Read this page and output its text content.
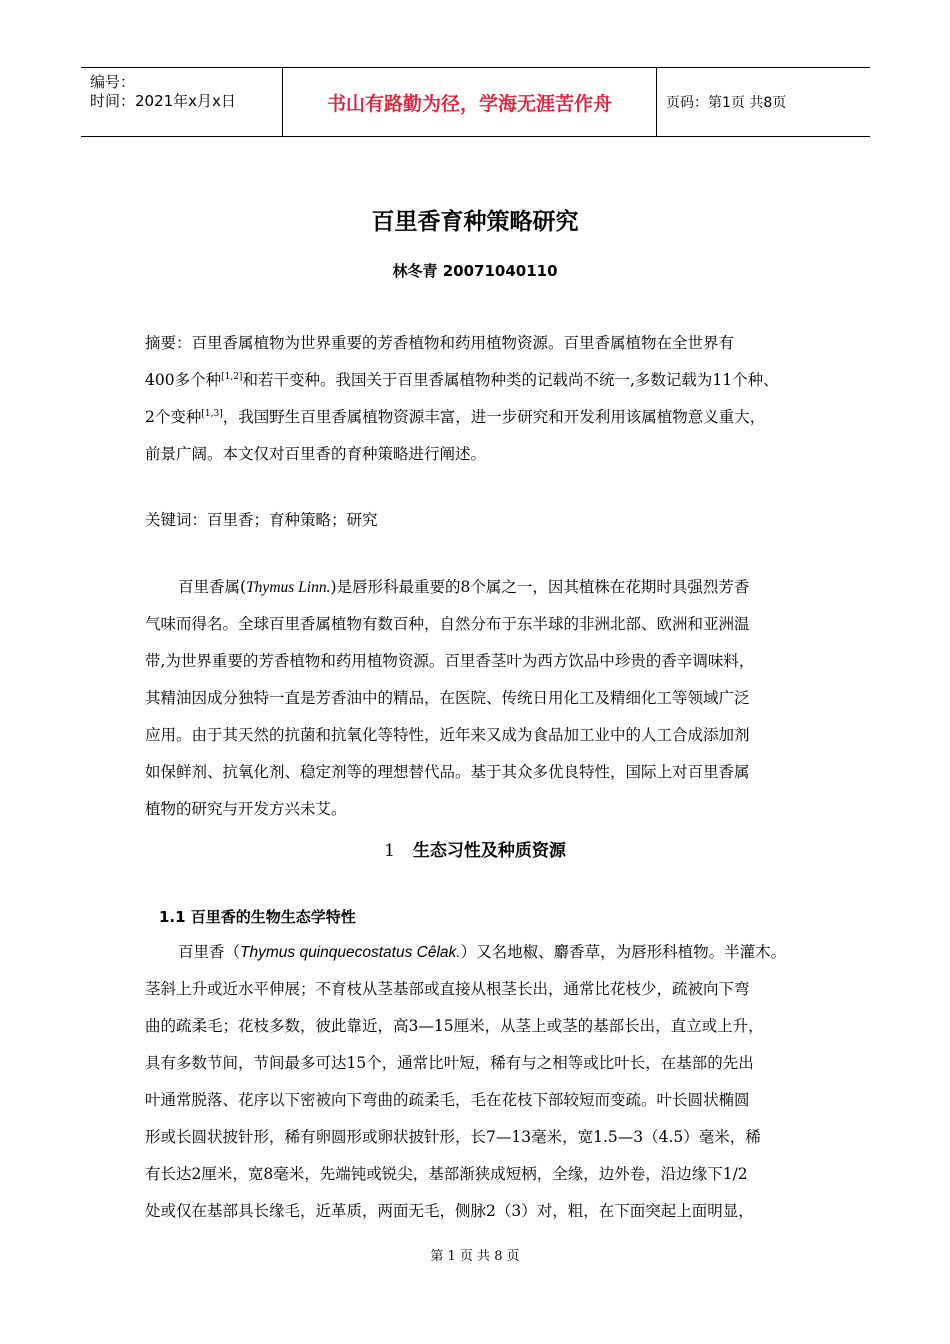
编号：
时间：2021年x月x日	书山有路勤为径，学海无涯苦作舟	页码：第1页 共8页
百里香育种策略研究
林冬青 20071040110
摘要：百里香属植物为世界重要的芳香植物和药用植物资源。百里香属植物在全世界有
400多个种[1,2]和若干变种。我国关于百里香属植物种类的记载尚不统一,多数记载为11个种、
2个变种[1,3]，我国野生百里香属植物资源丰富，进一步研究和开发利用该属植物意义重大，
前景广阔。本文仅对百里香的育种策略进行阐述。
关键词：百里香；育种策略；研究
百里香属(Thymus Linn.)是唇形科最重要的8个属之一，因其植株在花期时具强烈芳香
气味而得名。全球百里香属植物有数百种，自然分布于东半球的非洲北部、欧洲和亚洲温
带,为世界重要的芳香植物和药用植物资源。百里香茎叶为西方饮品中珍贵的香辛调味料，
其精油因成分独特一直是芳香油中的精品，在医院、传统日用化工及精细化工等领域广泛
应用。由于其天然的抗菌和抗氧化等特性，近年来又成为食品加工业中的人工合成添加剂
如保鲜剂、抗氧化剂、稳定剂等的理想替代品。基于其众多优良特性，国际上对百里香属
植物的研究与开发方兴未艾。
1 生态习性及种质资源
1.1 百里香的生物生态学特性
百里香（Thymus quinquecostatus Cêlak.）又名地椒、麝香草，为唇形科植物。半灌木。
茎斜上升或近水平伸展；不育枝从茎基部或直接从根茎长出，通常比花枝少，疏被向下弯
曲的疏柔毛；花枝多数，彼此靠近，高3—15厘米，从茎上或茎的基部长出，直立或上升，
具有多数节间，节间最多可达15个，通常比叶短，稀有与之相等或比叶长，在基部的先出
叶通常脱落、花序以下密被向下弯曲的疏柔毛，毛在花枝下部较短而变疏。叶长圆状椭圆
形或长圆状披针形，稀有卵圆形或卵状披针形，长7—13毫米，宽1.5—3（4.5）毫米，稀
有长达2厘米，宽8毫米，先端钝或锐尖，基部渐狭成短柄，全缘，边外卷，沿边缘下1/2
处或仅在基部具长缘毛，近革质，两面无毛，侧脉2（3）对，粗，在下面突起上面明显，
第 1 页 共 8 页
